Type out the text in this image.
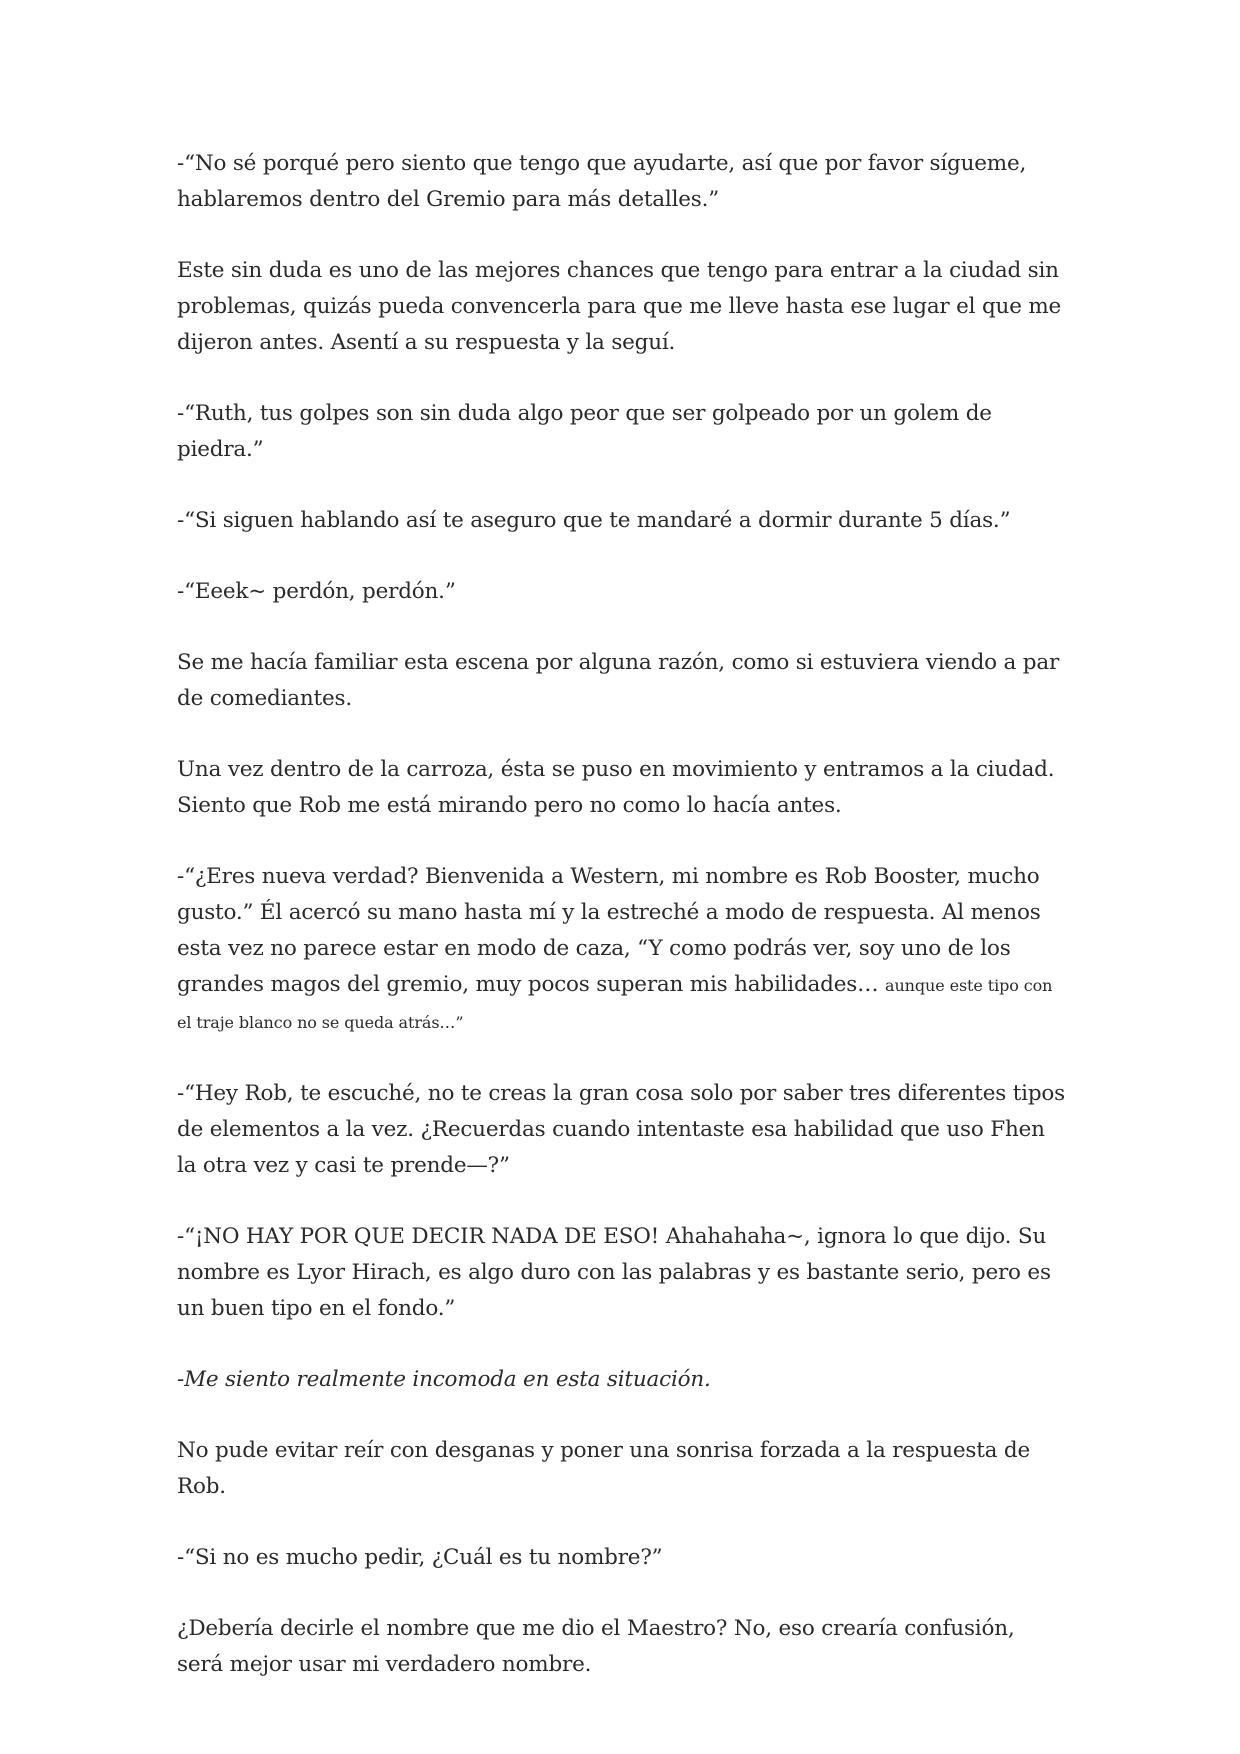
-“No sé porqué pero siento que tengo que ayudarte, así que por favor sígueme, hablaremos dentro del Gremio para más detalles.”

Este sin duda es uno de las mejores chances que tengo para entrar a la ciudad sin problemas, quizás pueda convencerla para que me lleve hasta ese lugar el que me dijeron antes. Asentí a su respuesta y la seguí.

-“Ruth, tus golpes son sin duda algo peor que ser golpeado por un golem de piedra.”

-“Si siguen hablando así te aseguro que te mandaré a dormir durante 5 días.”

-“Eeek~ perdón, perdón.”

Se me hacía familiar esta escena por alguna razón, como si estuviera viendo a par de comediantes.

Una vez dentro de la carroza, ésta se puso en movimiento y entramos a la ciudad. Siento que Rob me está mirando pero no como lo hacía antes.

-“¿Eres nueva verdad? Bienvenida a Western, mi nombre es Rob Booster, mucho gusto.” Él acercó su mano hasta mí y la estreché a modo de respuesta. Al menos esta vez no parece estar en modo de caza, “Y como podrás ver, soy uno de los grandes magos del gremio, muy pocos superan mis habilidades… aunque este tipo con el traje blanco no se queda atrás…”

-“Hey Rob, te escuché, no te creas la gran cosa solo por saber tres diferentes tipos de elementos a la vez. ¿Recuerdas cuando intentaste esa habilidad que uso Fhen la otra vez y casi te prende—?”

-“¡NO HAY POR QUE DECIR NADA DE ESO! Ahahahaha~, ignora lo que dijo. Su nombre es Lyor Hirach, es algo duro con las palabras y es bastante serio, pero es un buen tipo en el fondo.”

-Me siento realmente incomoda en esta situación.

No pude evitar reír con desganas y poner una sonrisa forzada a la respuesta de Rob.

-“Si no es mucho pedir, ¿Cuál es tu nombre?”

¿Debería decirle el nombre que me dio el Maestro? No, eso crearía confusión, será mejor usar mi verdadero nombre.
